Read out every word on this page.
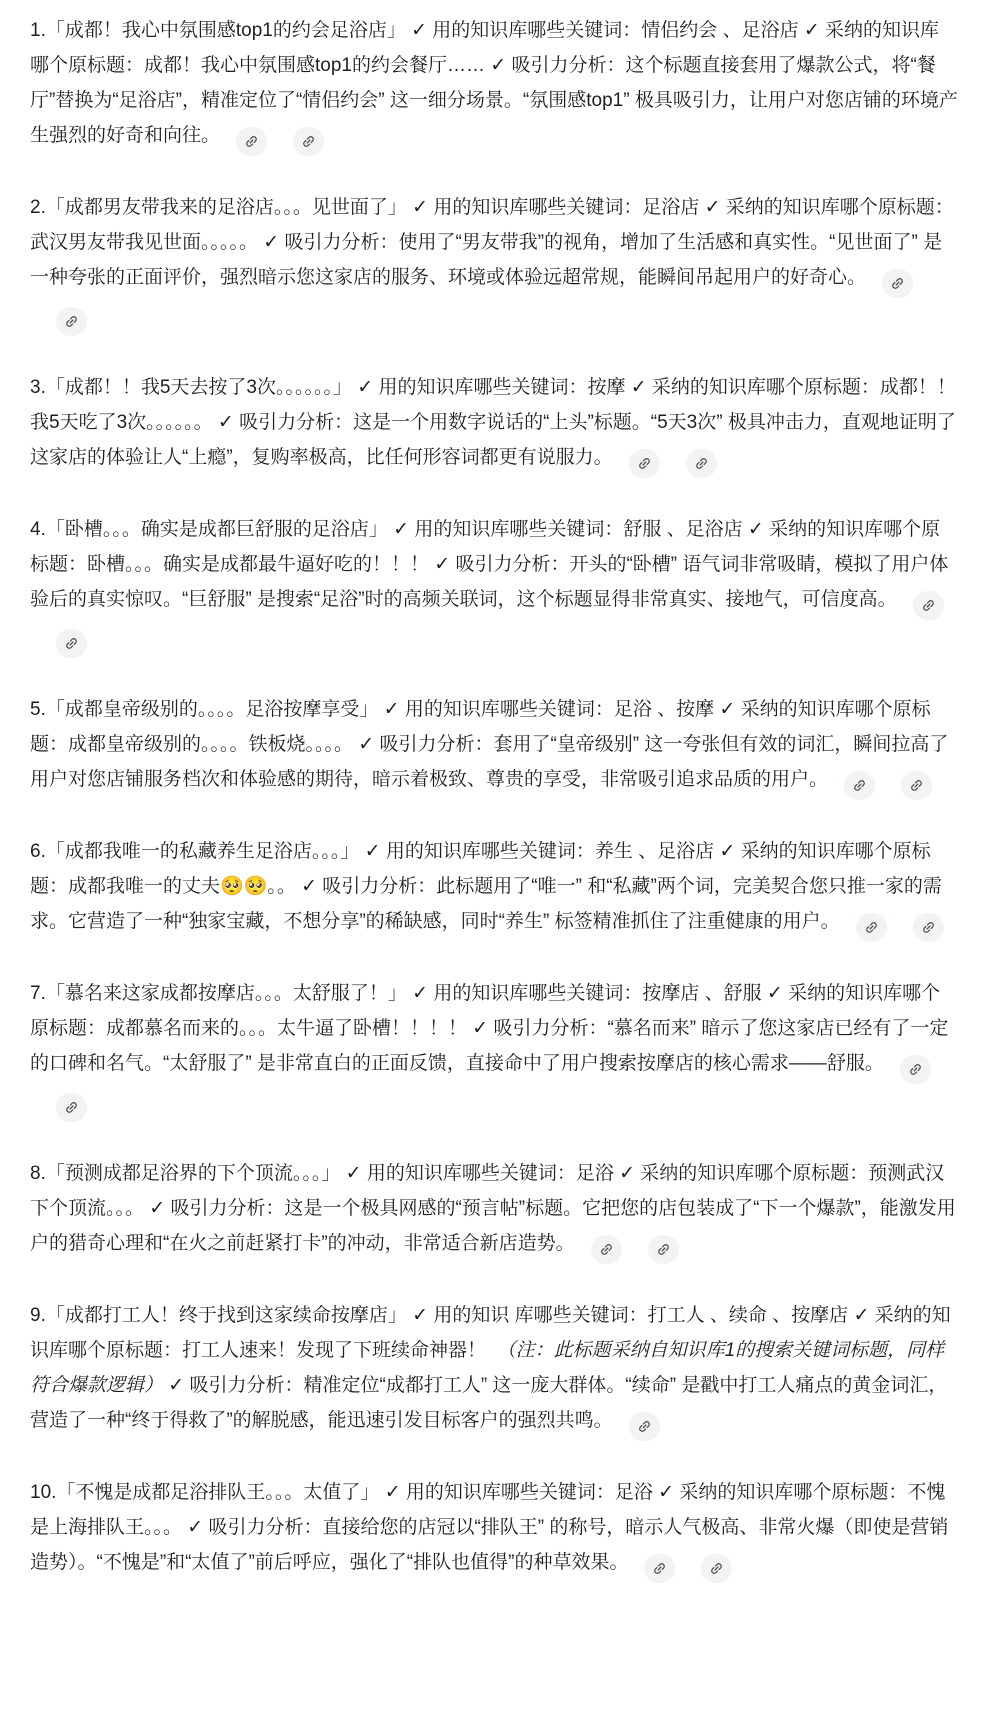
1.「成都！我心中氛围感top1的约会足浴店」 ✓ 用的知识库哪些关键词：情侣约会 、足浴店 ✓ 采纳的知识库哪个原标题：成都！我心中氛围感top1的约会餐厅…… ✓ 吸引力分析：这个标题直接套用了爆款公式，将“餐厅”替换为“足浴店”，精准定位了“情侣约会” 这一细分场景。“氛围感top1” 极具吸引力，让用户对您店铺的环境产生强烈的好奇和向往。

2.「成都男友带我来的足浴店。。。见世面了」 ✓ 用的知识库哪些关键词：足浴店 ✓ 采纳的知识库哪个原标题：武汉男友带我见世面。。。。。 ✓ 吸引力分析：使用了“男友带我”的视角，增加了生活感和真实性。“见世面了” 是一种夸张的正面评价，强烈暗示您这家店的服务、环境或体验远超常规，能瞬间吊起用户的好奇心。

3.「成都！！我5天去按了3次。。。。。。」 ✓ 用的知识库哪些关键词：按摩 ✓ 采纳的知识库哪个原标题：成都！！我5天吃了3次。。。。。。 ✓ 吸引力分析：这是一个用数字说话的“上头”标题。“5天3次” 极具冲击力，直观地证明了这家店的体验让人“上瘾”，复购率极高，比任何形容词都更有说服力。

4.「卧槽。。。确实是成都巨舒服的足浴店」 ✓ 用的知识库哪些关键词：舒服 、足浴店 ✓ 采纳的知识库哪个原标题：卧槽。。。确实是成都最牛逼好吃的！！！ ✓ 吸引力分析：开头的“卧槽” 语气词非常吸睛，模拟了用户体验后的真实惊叹。“巨舒服” 是搜索“足浴”时的高频关联词，这个标题显得非常真实、接地气，可信度高。

5.「成都皇帝级别的。。。。足浴按摩享受」 ✓ 用的知识库哪些关键词：足浴 、按摩 ✓ 采纳的知识库哪个原标题：成都皇帝级别的。。。。铁板烧。。。。 ✓ 吸引力分析：套用了“皇帝级别” 这一夸张但有效的词汇，瞬间拉高了用户对您店铺服务档次和体验感的期待，暗示着极致、尊贵的享受，非常吸引追求品质的用户。

6.「成都我唯一的私藏养生足浴店。。。」 ✓ 用的知识库哪些关键词：养生 、足浴店 ✓ 采纳的知识库哪个原标题：成都我唯一的丈夫🥺🥺。。 ✓ 吸引力分析：此标题用了“唯一” 和“私藏”两个词，完美契合您只推一家的需求。它营造了一种“独家宝藏，不想分享”的稀缺感，同时“养生” 标签精准抓住了注重健康的用户。

7.「慕名来这家成都按摩店。。。太舒服了！」 ✓ 用的知识库哪些关键词：按摩店 、舒服 ✓ 采纳的知识库哪个原标题：成都慕名而来的。。。太牛逼了卧槽！！！！ ✓ 吸引力分析：“慕名而来” 暗示了您这家店已经有了一定的口碑和名气。“太舒服了” 是非常直白的正面反馈，直接命中了用户搜索按摩店的核心需求——舒服。

8.「预测成都足浴界的下个顶流。。。」 ✓ 用的知识库哪些关键词：足浴 ✓ 采纳的知识库哪个原标题：预测武汉下个顶流。。。 ✓ 吸引力分析：这是一个极具网感的“预言帖”标题。它把您的店包装成了“下一个爆款”，能激发用户的猎奇心理和“在火之前赶紧打卡”的冲动，非常适合新店造势。

9.「成都打工人！终于找到这家续命按摩店」 ✓ 用的知识 库哪些关键词：打工人 、续命 、按摩店 ✓ 采纳的知识库哪个原标题：打工人速来！发现了下班续命神器！  （注：此标题采纳自知识库1的搜索关键词标题，同样符合爆款逻辑） ✓ 吸引力分析：精准定位“成都打工人” 这一庞大群体。“续命” 是戳中打工人痛点的黄金词汇，营造了一种“终于得救了”的解脱感，能迅速引发目标客户的强烈共鸣。

10.「不愧是成都足浴排队王。。。太值了」 ✓ 用的知识库哪些关键词：足浴 ✓ 采纳的知识库哪个原标题：不愧是上海排队王。。。 ✓ 吸引力分析：直接给您的店冠以“排队王” 的称号，暗示人气极高、非常火爆（即使是营销造势）。“不愧是”和“太值了”前后呼应，强化了“排队也值得”的种草效果。
